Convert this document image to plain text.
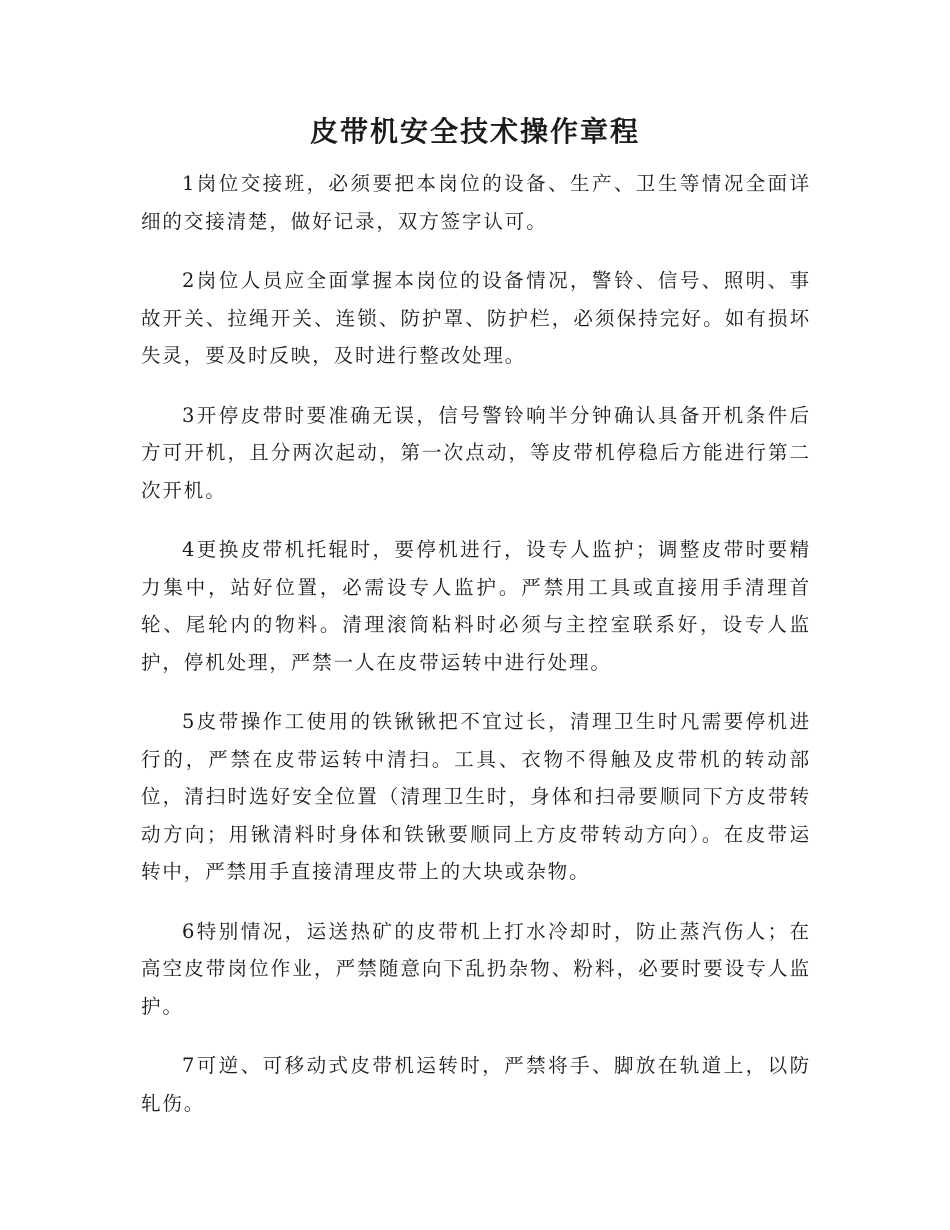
皮带机安全技术操作章程

1岗位交接班，必须要把本岗位的设备、生产、卫生等情况全面详细的交接清楚，做好记录，双方签字认可。

2岗位人员应全面掌握本岗位的设备情况，警铃、信号、照明、事故开关、拉绳开关、连锁、防护罩、防护栏，必须保持完好。如有损坏失灵，要及时反映，及时进行整改处理。

3开停皮带时要准确无误，信号警铃响半分钟确认具备开机条件后方可开机，且分两次起动，第一次点动，等皮带机停稳后方能进行第二次开机。

4更换皮带机托辊时，要停机进行，设专人监护；调整皮带时要精力集中，站好位置，必需设专人监护。严禁用工具或直接用手清理首轮、尾轮内的物料。清理滚筒粘料时必须与主控室联系好，设专人监护，停机处理，严禁一人在皮带运转中进行处理。

5皮带操作工使用的铁锹锹把不宜过长，清理卫生时凡需要停机进行的，严禁在皮带运转中清扫。工具、衣物不得触及皮带机的转动部位，清扫时选好安全位置（清理卫生时，身体和扫帚要顺同下方皮带转动方向；用锹清料时身体和铁锹要顺同上方皮带转动方向）。在皮带运转中，严禁用手直接清理皮带上的大块或杂物。

6特别情况，运送热矿的皮带机上打水冷却时，防止蒸汽伤人；在高空皮带岗位作业，严禁随意向下乱扔杂物、粉料，必要时要设专人监护。

7可逆、可移动式皮带机运转时，严禁将手、脚放在轨道上，以防轧伤。
